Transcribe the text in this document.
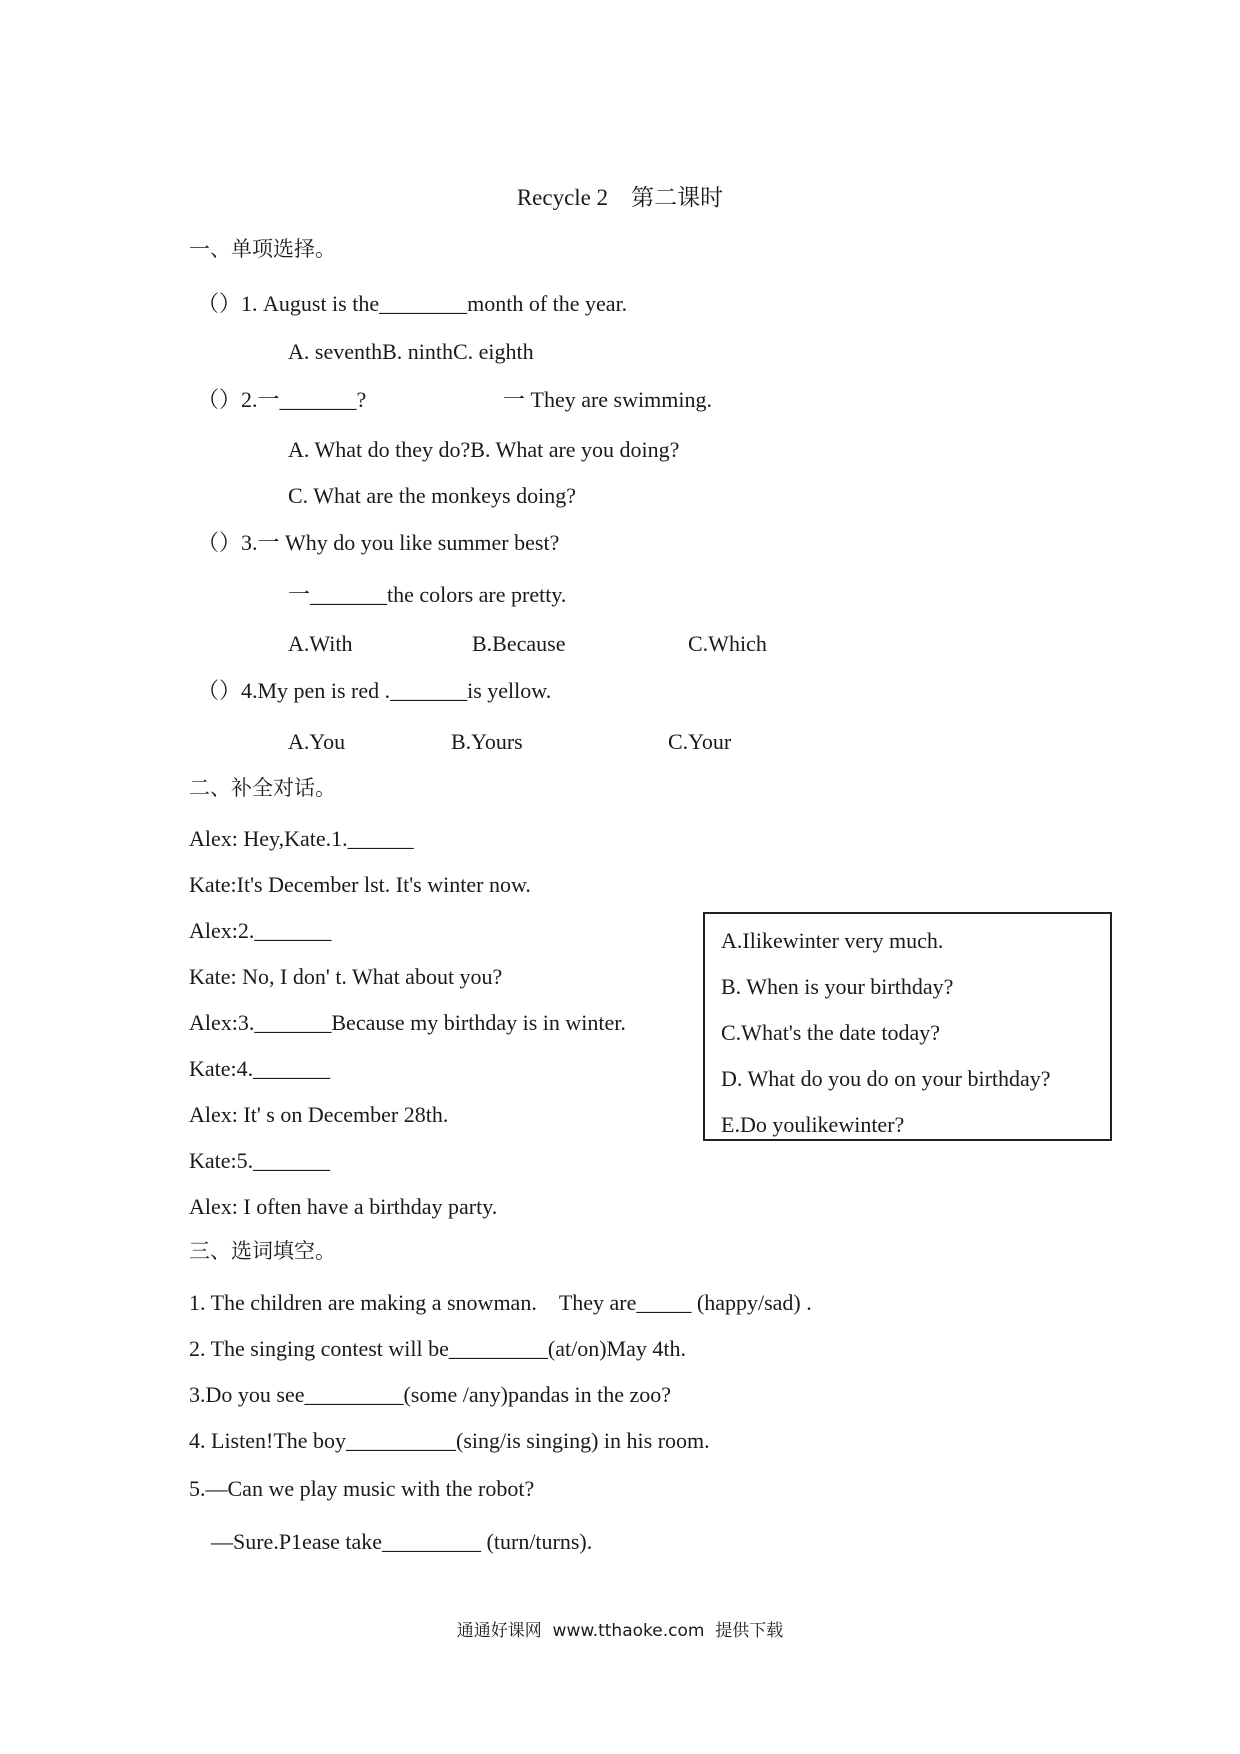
Recycle 2　第二课时
一、单项选择。
（）1. August is the________month of the year.
A. seventhB. ninthC. eighth
（）2.一_______?	一 They are swimming.
A. What do they do?B. What are you doing?
C. What are the monkeys doing?
（）3.一 Why do you like summer best?
一_______the colors are pretty.
A.With	B.Because	C.Which
（）4.My pen is red ._______is yellow.
A.You	B.Yours	C.Your
二、补全对话。
Alex: Hey,Kate.1.______
Kate:It's December lst. It's winter now.
Alex:2._______
Kate: No, I don' t. What about you?
Alex:3._______Because my birthday is in winter.
Kate:4._______
Alex: It' s on December 28th.
Kate:5._______
Alex: I often have a birthday party.
A.Ilikewinter very much.
B. When is your birthday?
C.What's the date today?
D. What do you do on your birthday?
E.Do youlikewinter?
三、选词填空。
1. The children are making a snowman.　They are_____ (happy/sad) .
2. The singing contest will be_________(at/on)May 4th.
3.Do you see_________(some /any)pandas in the zoo?
4. Listen!The boy__________(sing/is singing) in his room.
5.—Can we play music with the robot?
　—Sure.P1ease take_________ (turn/turns).
通通好课网  www.tthaoke.com  提供下载
